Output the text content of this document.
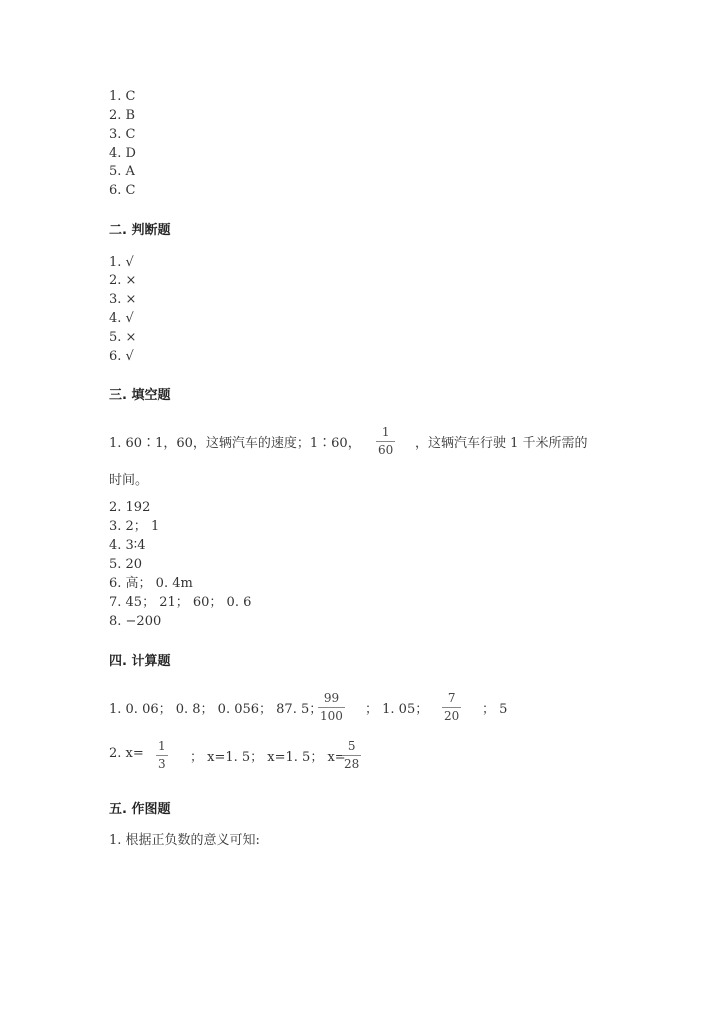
1. C
2. B
3. C
4. D
5. A
6. C
二. 判断题
1. √
2. ×
3. ×
4. √
5. ×
6. √
三. 填空题
1. 60∶1，60，这辆汽车的速度；1∶60，
1
60 ，这辆汽车行驶 1 千米所需的
时间。
2. 192
3. 2； 1
4. 3∶4
5. 20
6. 高； 0. 4m
7. 45； 21； 60； 0. 6
8. −200
四. 计算题
1. 0. 06； 0. 8； 0. 056； 87. 5；
99
100 ； 1. 05；
7
20 ； 5
2. x= 1
3 ； x=1. 5； x=1. 5； x=
5
28
五. 作图题
1. 根据正负数的意义可知:
